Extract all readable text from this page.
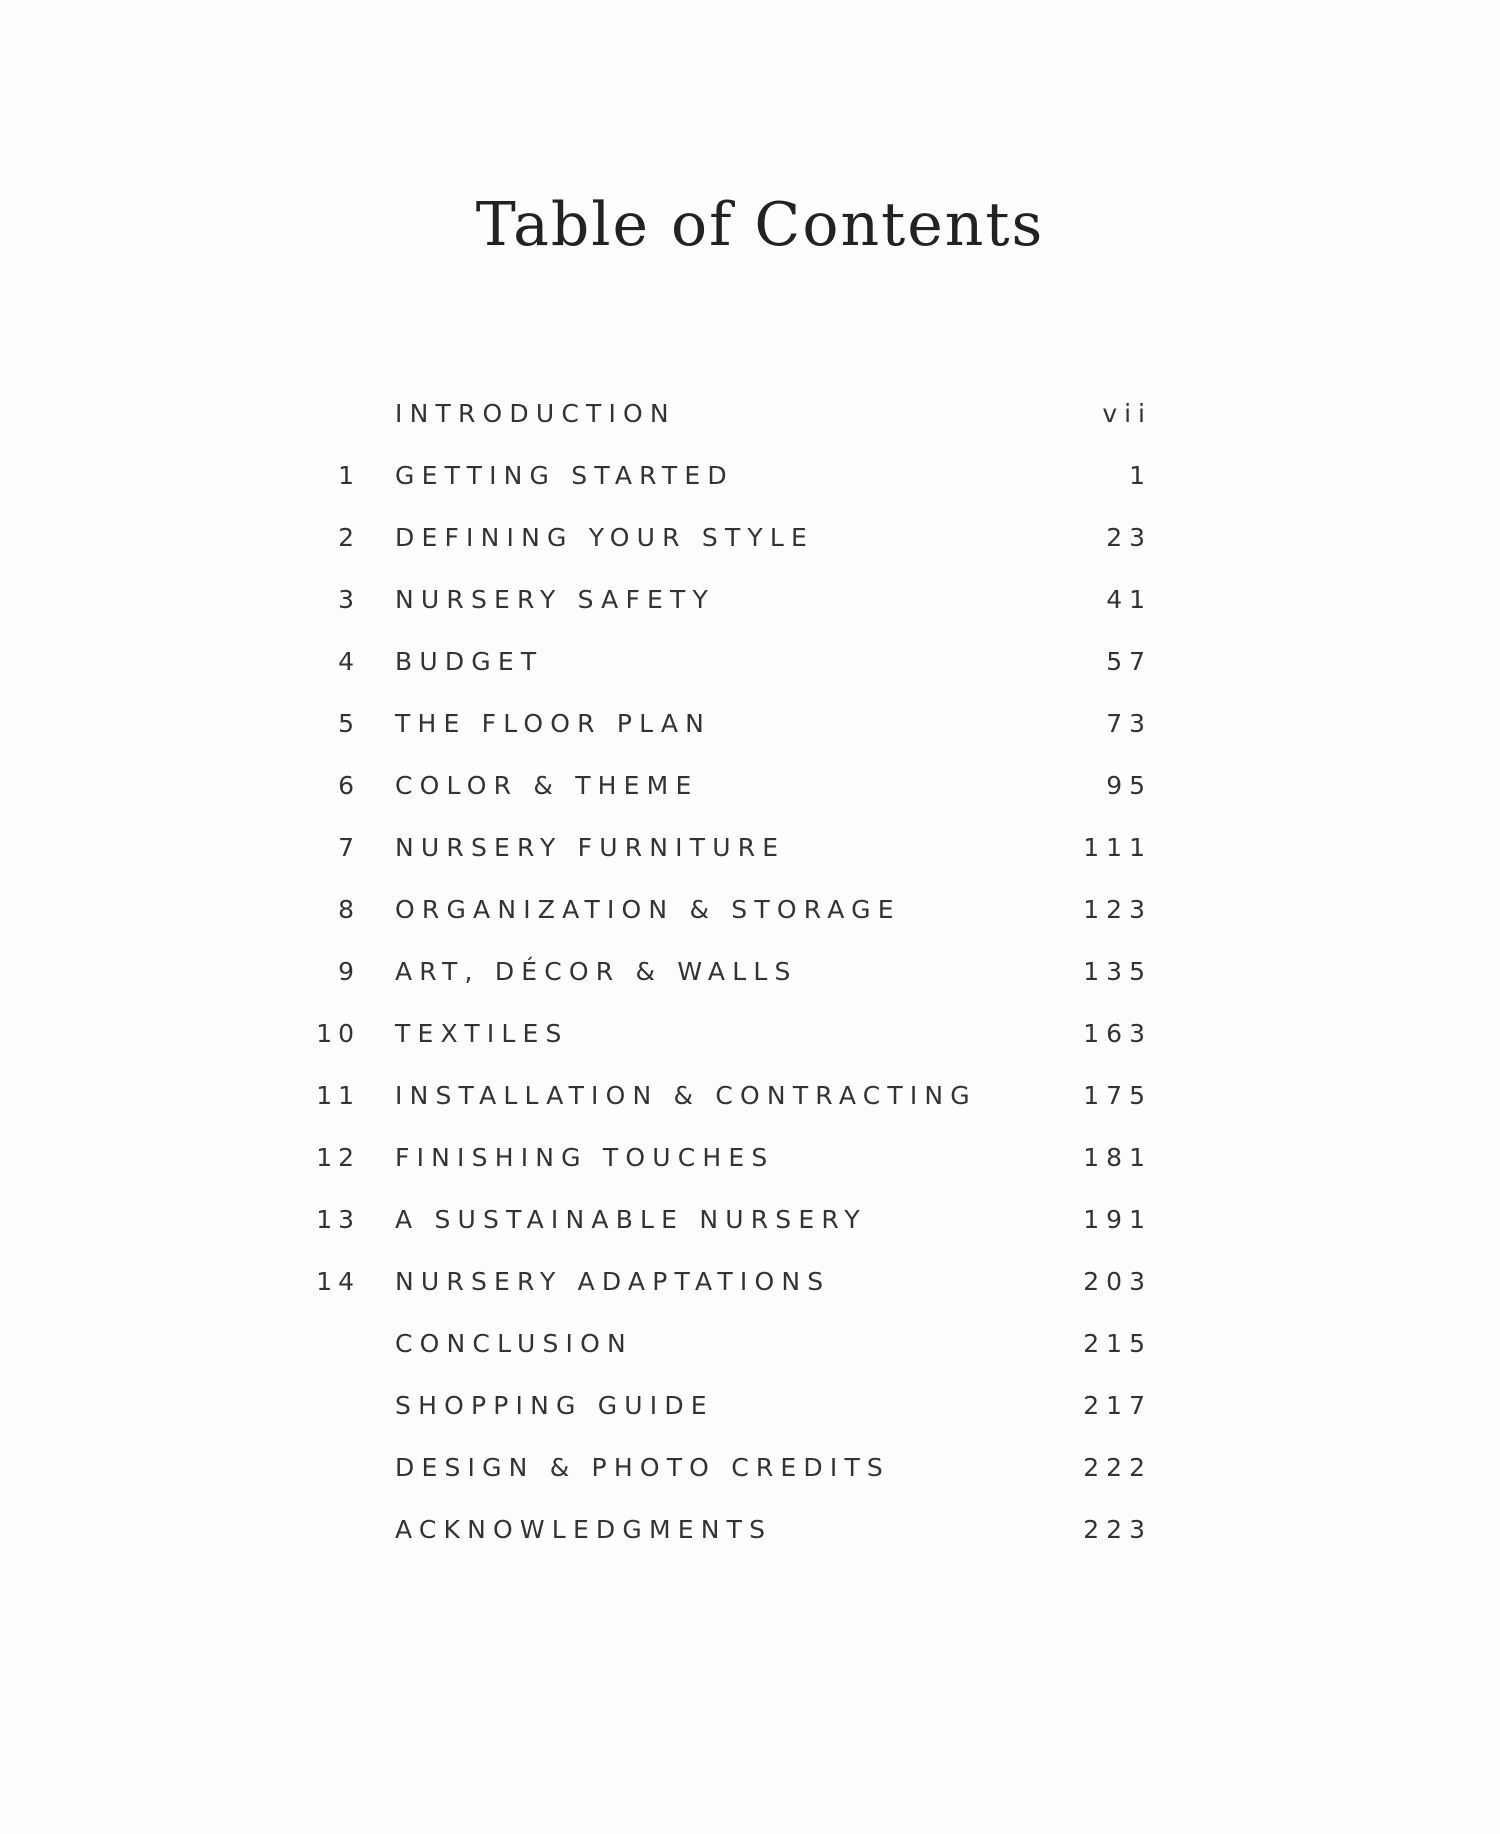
Table of Contents
INTRODUCTION	vii
1 GETTING STARTED	1
2 DEFINING YOUR STYLE	23
3 NURSERY SAFETY	41
4 BUDGET	57
5 THE FLOOR PLAN	73
6 COLOR & THEME	95
7 NURSERY FURNITURE	111
8 ORGANIZATION & STORAGE	123
9 ART, DÉCOR & WALLS	135
10 TEXTILES	163
11 INSTALLATION & CONTRACTING	175
12 FINISHING TOUCHES	181
13 A SUSTAINABLE NURSERY	191
14 NURSERY ADAPTATIONS	203
CONCLUSION	215
SHOPPING GUIDE	217
DESIGN & PHOTO CREDITS	222
ACKNOWLEDGMENTS	223
